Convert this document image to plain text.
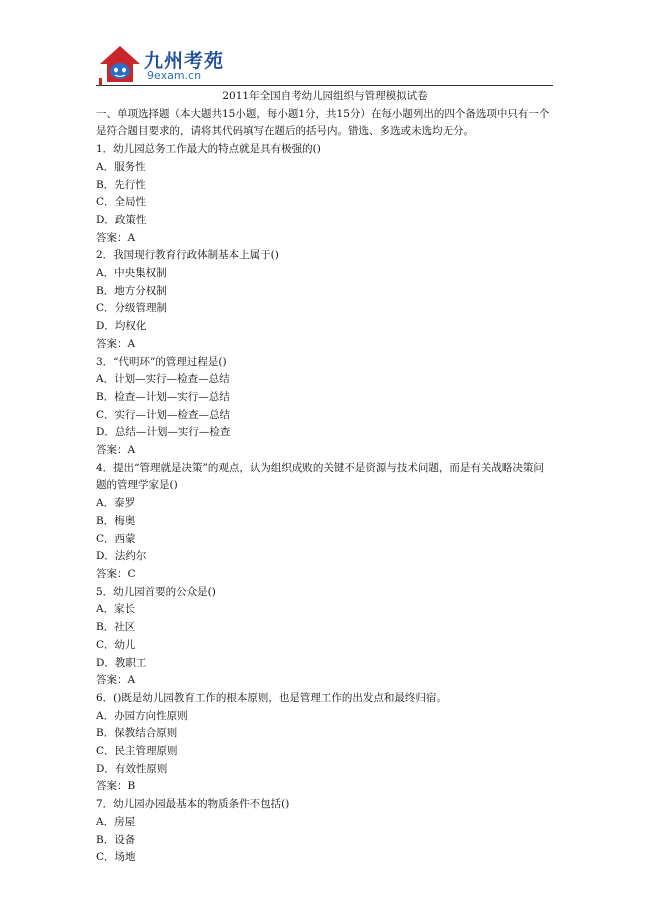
九州考苑
9exam.cn
2011年全国自考幼儿园组织与管理模拟试卷
一、单项选择题（本大题共15小题，每小题1分，共15分）在每小题列出的四个备选项中只有一个是符合题目要求的，请将其代码填写在题后的括号内。错选、多选或未选均无分。
1．幼儿园总务工作最大的特点就是具有极强的()
A．服务性
B．先行性
C．全局性
D．政策性
答案：A
2．我国现行教育行政体制基本上属于()
A．中央集权制
B．地方分权制
C．分级管理制
D．均权化
答案：A
3．“代明环”的管理过程是()
A．计划—实行—检查—总结
B．检查—计划—实行—总结
C．实行—计划—检查—总结
D．总结—计划—实行—检查
答案：A
4．提出“管理就是决策”的观点，认为组织成败的关键不是资源与技术问题，而是有关战略决策问题的管理学家是()
A．泰罗
B．梅奥
C．西蒙
D．法约尔
答案：C
5．幼儿园首要的公众是()
A．家长
B．社区
C．幼儿
D．教职工
答案：A
6．()既是幼儿园教育工作的根本原则，也是管理工作的出发点和最终归宿。
A．办园方向性原则
B．保教结合原则
C．民主管理原则
D．有效性原则
答案：B
7．幼儿园办园最基本的物质条件不包括()
A．房屋
B．设备
C．场地
